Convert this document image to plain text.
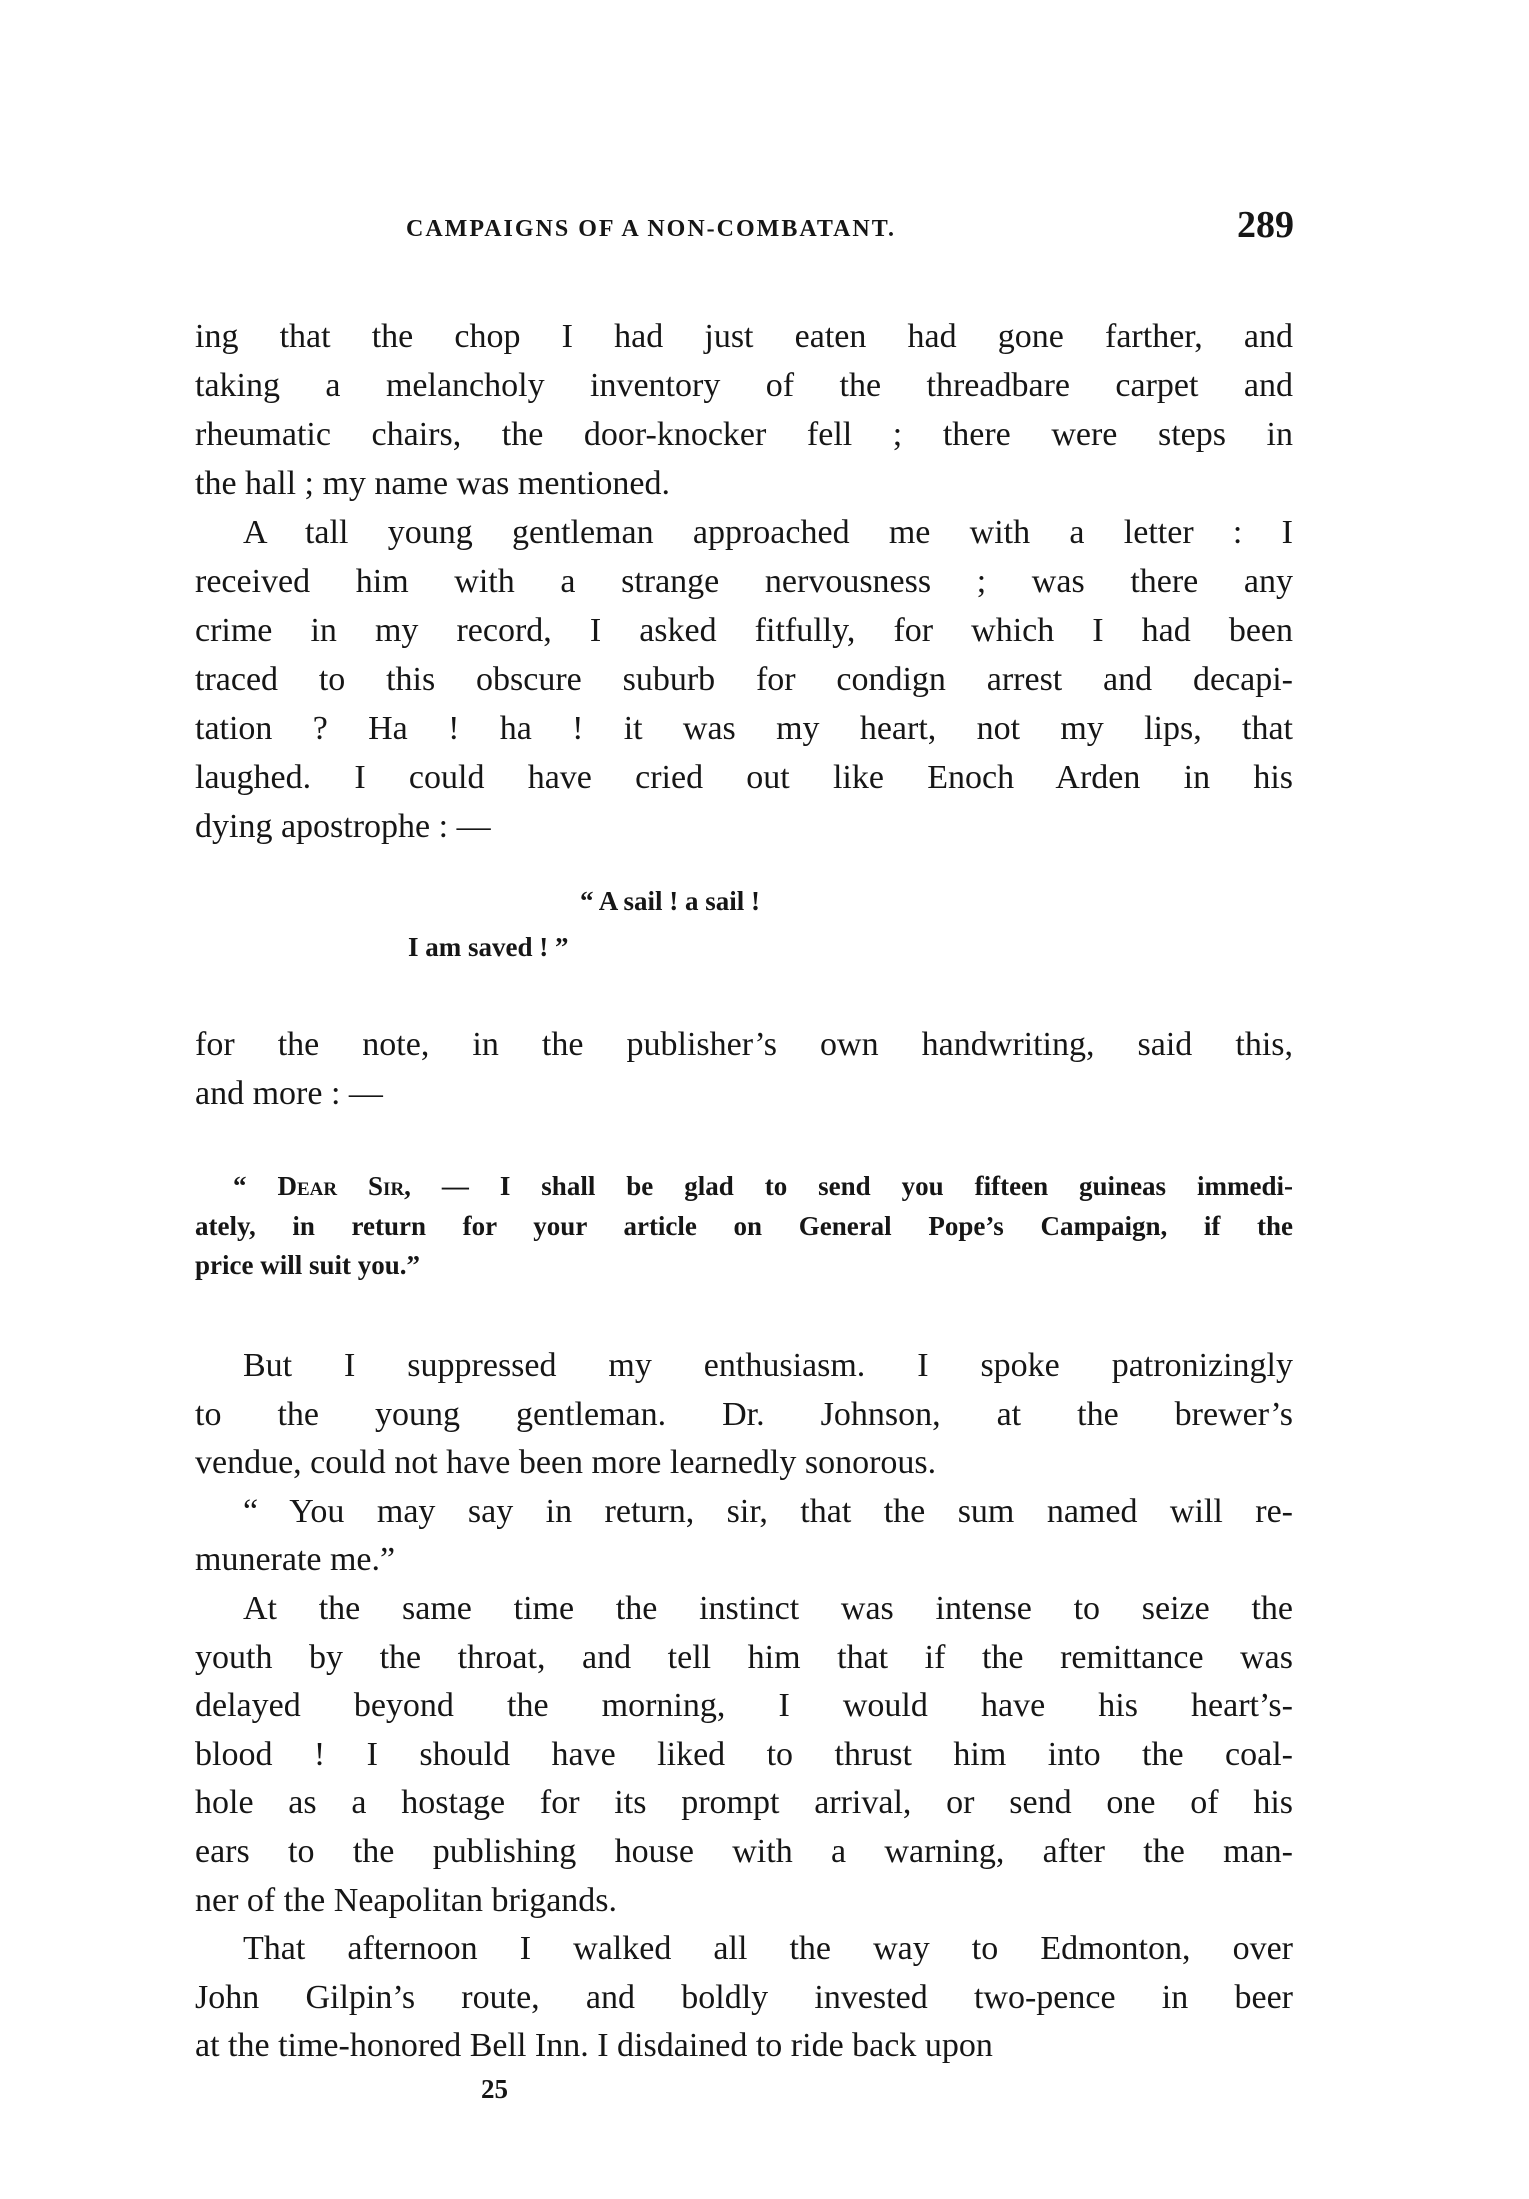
CAMPAIGNS OF A NON-COMBATANT.	289
ing that the chop I had just eaten had gone farther, and
taking a melancholy inventory of the threadbare carpet and
rheumatic chairs, the door-knocker fell ; there were steps in
the hall ; my name was mentioned.
A tall young gentleman approached me with a letter : I
received him with a strange nervousness ; was there any
crime in my record, I asked fitfully, for which I had been
traced to this obscure suburb for condign arrest and decapi-
tation ? Ha ! ha ! it was my heart, not my lips, that
laughed. I could have cried out like Enoch Arden in his
dying apostrophe : —
“ A sail ! a sail !
I am saved ! ”
for the note, in the publisher’s own handwriting, said this,
and more : —
“ Dear Sir, — I shall be glad to send you fifteen guineas immedi-
ately, in return for your article on General Pope’s Campaign, if the
price will suit you.”
But I suppressed my enthusiasm. I spoke patronizingly
to the young gentleman. Dr. Johnson, at the brewer’s
vendue, could not have been more learnedly sonorous.
“ You may say in return, sir, that the sum named will re-
munerate me.”
At the same time the instinct was intense to seize the
youth by the throat, and tell him that if the remittance was
delayed beyond the morning, I would have his heart’s-
blood ! I should have liked to thrust him into the coal-
hole as a hostage for its prompt arrival, or send one of his
ears to the publishing house with a warning, after the man-
ner of the Neapolitan brigands.
That afternoon I walked all the way to Edmonton, over
John Gilpin’s route, and boldly invested two-pence in beer
at the time-honored Bell Inn. I disdained to ride back upon
25
